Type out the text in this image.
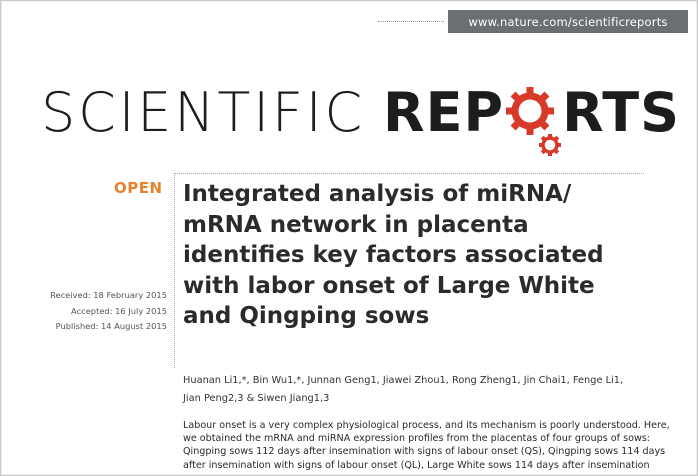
www.nature.com/scientificreports
SCIENTIFIC REP RTS
OPEN Integrated analysis of miRNA/
mRNA network in placenta
identifies key factors associated
with labor onset of Large White
and Qingping sows
Received: 18 February 2015
Accepted: 16 July 2015
Published: 14 August 2015
Huanan Li1,*, Bin Wu1,*, Junnan Geng1, Jiawei Zhou1, Rong Zheng1, Jin Chai1, Fenge Li1,
Jian Peng2,3 & Siwen Jiang1,3
Labour onset is a very complex physiological process, and its mechanism is poorly understood. Here,
we obtained the mRNA and miRNA expression profiles from the placentas of four groups of sows:
Qingping sows 112 days after insemination with signs of labour onset (QS), Qingping sows 114 days
after insemination with signs of labour onset (QL), Large White sows 114 days after insemination
